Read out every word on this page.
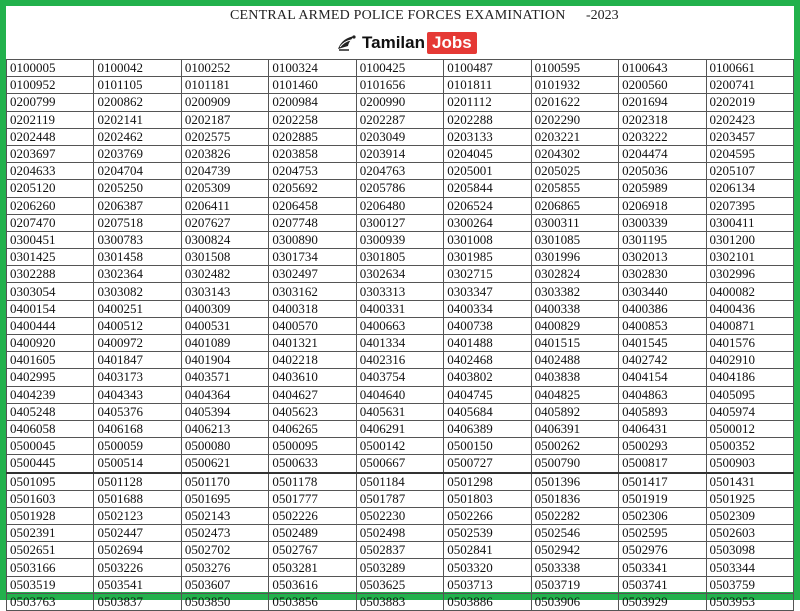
CENTRAL ARMED POLICE FORCES EXAMINATION -2023
Tamilan Jobs
0100005	0100042	0100252	0100324	0100425	0100487	0100595	0100643	0100661
0100952	0101105	0101181	0101460	0101656	0101811	0101932	0200560	0200741
0200799	0200862	0200909	0200984	0200990	0201112	0201622	0201694	0202019
0202119	0202141	0202187	0202258	0202287	0202288	0202290	0202318	0202423
0202448	0202462	0202575	0202885	0203049	0203133	0203221	0203222	0203457
0203697	0203769	0203826	0203858	0203914	0204045	0204302	0204474	0204595
0204633	0204704	0204739	0204753	0204763	0205001	0205025	0205036	0205107
0205120	0205250	0205309	0205692	0205786	0205844	0205855	0205989	0206134
0206260	0206387	0206411	0206458	0206480	0206524	0206865	0206918	0207395
0207470	0207518	0207627	0207748	0300127	0300264	0300311	0300339	0300411
0300451	0300783	0300824	0300890	0300939	0301008	0301085	0301195	0301200
0301425	0301458	0301508	0301734	0301805	0301985	0301996	0302013	0302101
0302288	0302364	0302482	0302497	0302634	0302715	0302824	0302830	0302996
0303054	0303082	0303143	0303162	0303313	0303347	0303382	0303440	0400082
0400154	0400251	0400309	0400318	0400331	0400334	0400338	0400386	0400436
0400444	0400512	0400531	0400570	0400663	0400738	0400829	0400853	0400871
0400920	0400972	0401089	0401321	0401334	0401488	0401515	0401545	0401576
0401605	0401847	0401904	0402218	0402316	0402468	0402488	0402742	0402910
0402995	0403173	0403571	0403610	0403754	0403802	0403838	0404154	0404186
0404239	0404343	0404364	0404627	0404640	0404745	0404825	0404863	0405095
0405248	0405376	0405394	0405623	0405631	0405684	0405892	0405893	0405974
0406058	0406168	0406213	0406265	0406291	0406389	0406391	0406431	0500012
0500045	0500059	0500080	0500095	0500142	0500150	0500262	0500293	0500352
0500445	0500514	0500621	0500633	0500667	0500727	0500790	0500817	0500903
0501095	0501128	0501170	0501178	0501184	0501298	0501396	0501417	0501431
0501603	0501688	0501695	0501777	0501787	0501803	0501836	0501919	0501925
0501928	0502123	0502143	0502226	0502230	0502266	0502282	0502306	0502309
0502391	0502447	0502473	0502489	0502498	0502539	0502546	0502595	0502603
0502651	0502694	0502702	0502767	0502837	0502841	0502942	0502976	0503098
0503166	0503226	0503276	0503281	0503289	0503320	0503338	0503341	0503344
0503519	0503541	0503607	0503616	0503625	0503713	0503719	0503741	0503759
0503763	0503837	0503850	0503856	0503883	0503886	0503906	0503929	0503953
